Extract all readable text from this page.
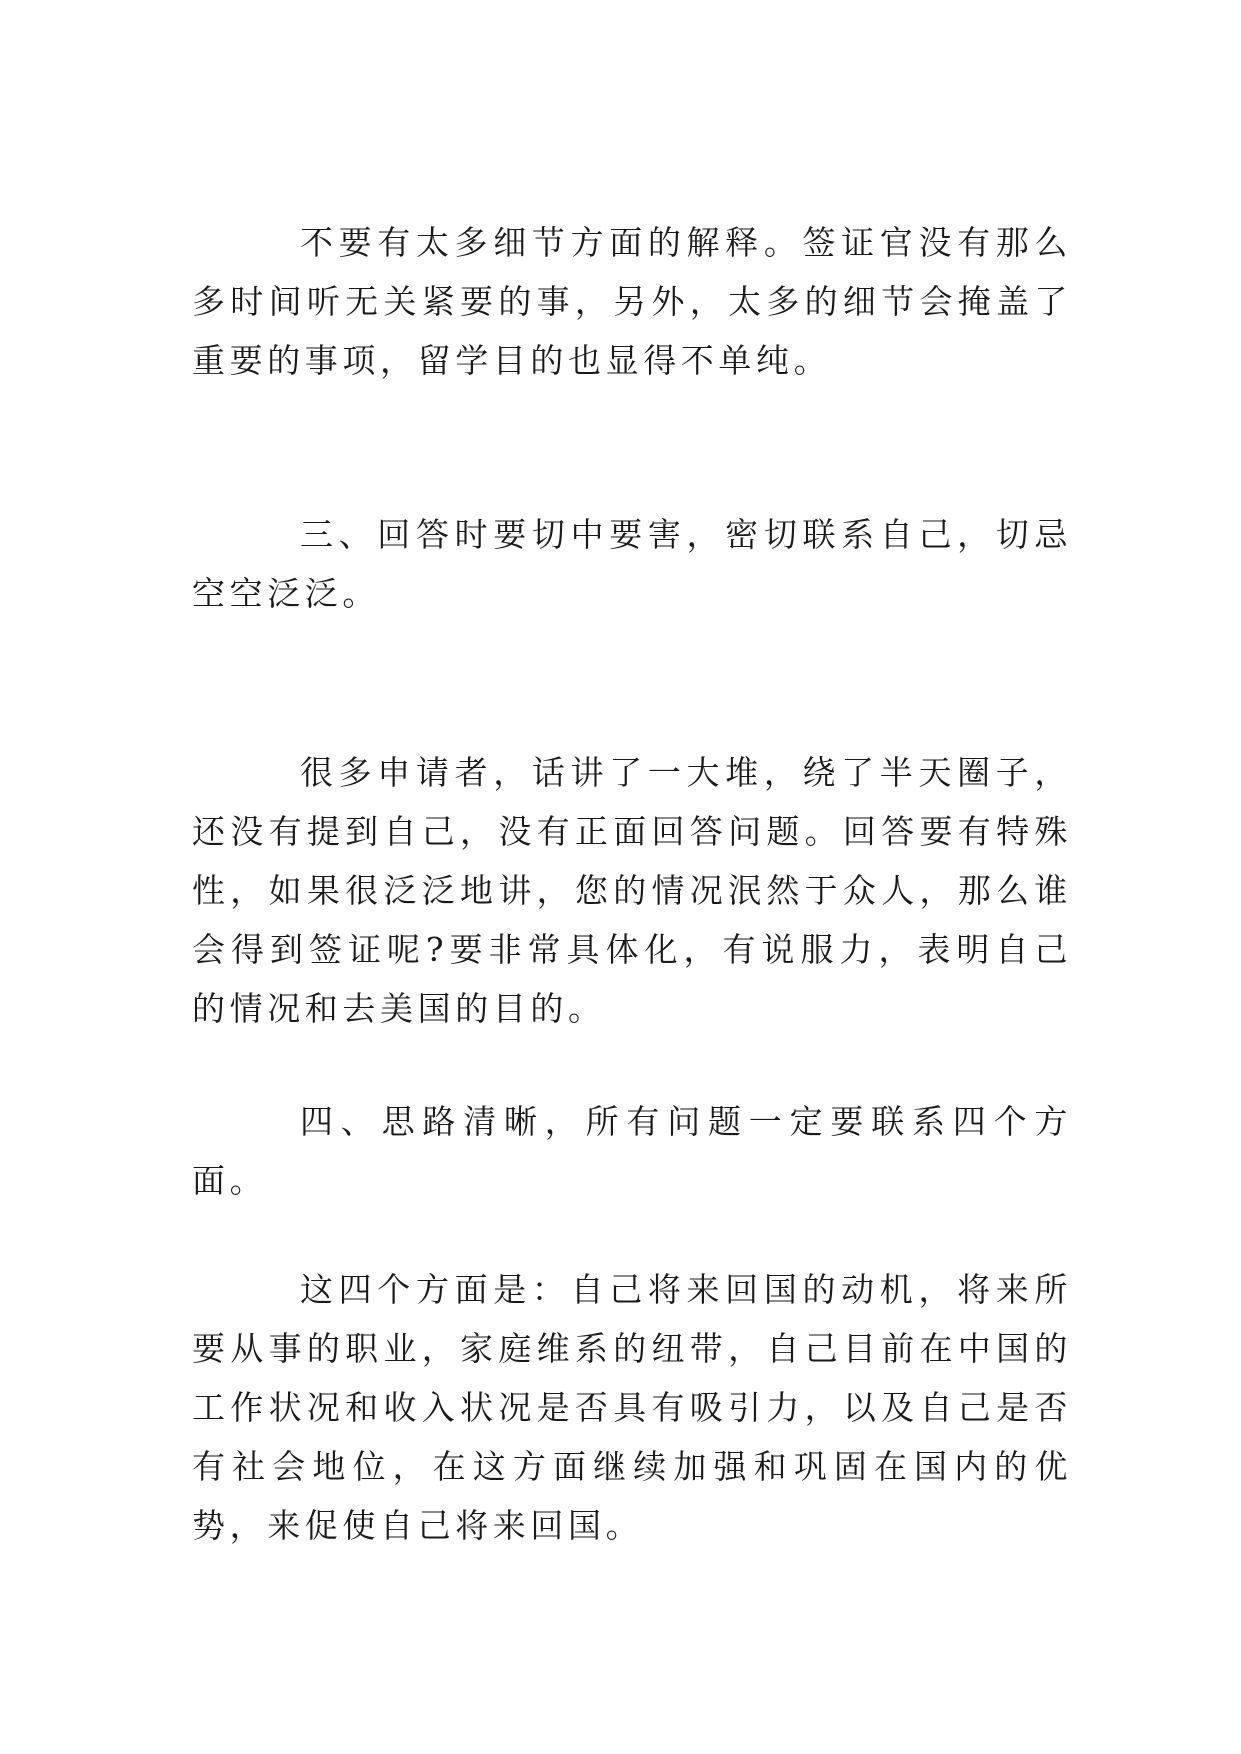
不要有太多细节方面的解释。签证官没有那么多时间听无关紧要的事，另外，太多的细节会掩盖了重要的事项，留学目的也显得不单纯。

三、回答时要切中要害，密切联系自己，切忌空空泛泛。

很多申请者，话讲了一大堆，绕了半天圈子，还没有提到自己，没有正面回答问题。回答要有特殊性，如果很泛泛地讲，您的情况泯然于众人，那么谁会得到签证呢?要非常具体化，有说服力，表明自己的情况和去美国的目的。

四、思路清晰，所有问题一定要联系四个方面。

这四个方面是：自己将来回国的动机，将来所要从事的职业，家庭维系的纽带，自己目前在中国的工作状况和收入状况是否具有吸引力，以及自己是否有社会地位，在这方面继续加强和巩固在国内的优势，来促使自己将来回国。
